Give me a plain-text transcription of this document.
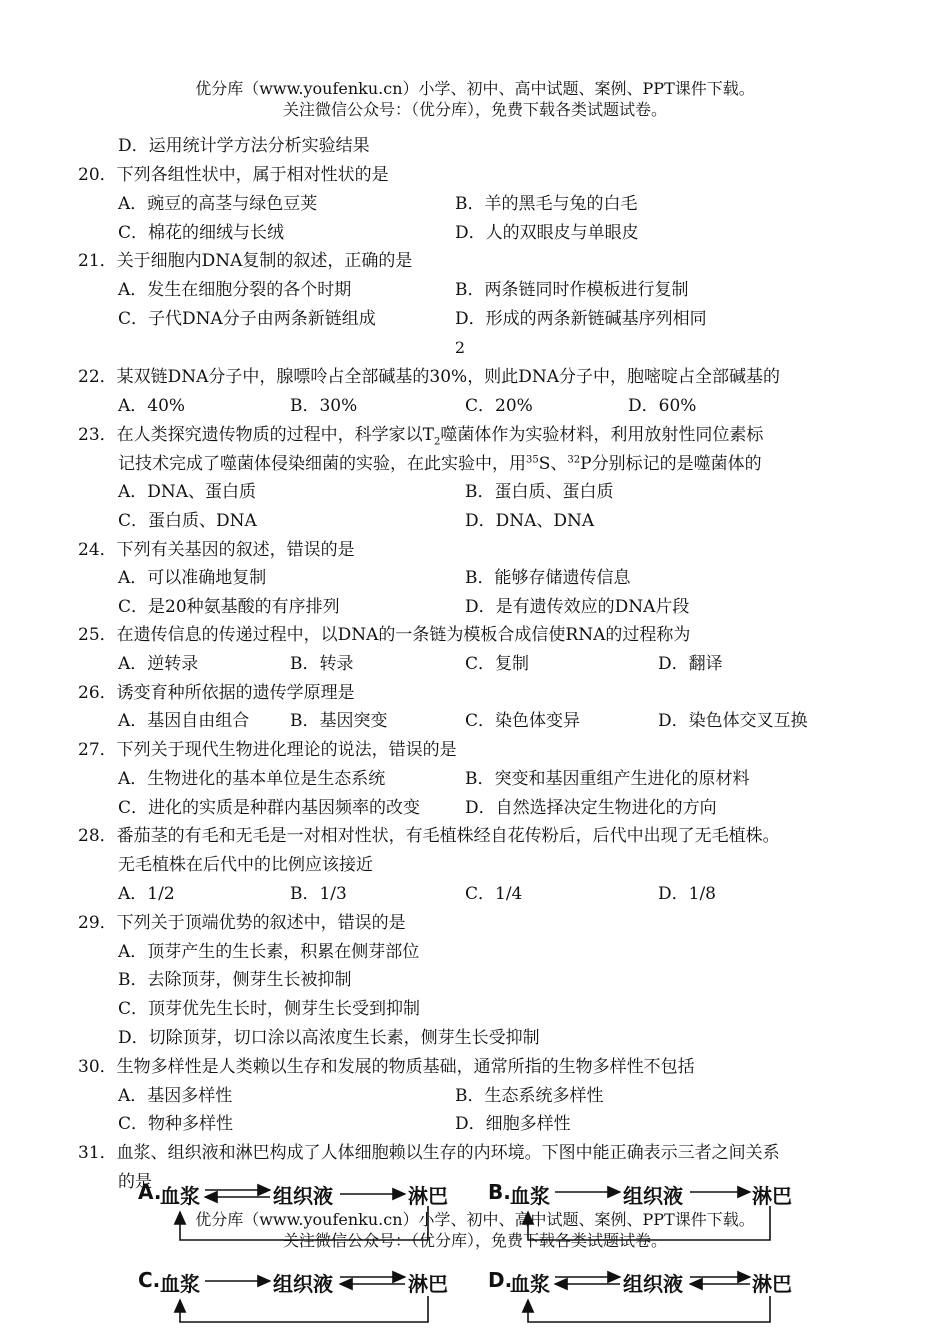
优分库（www.youfenku.cn）小学、初中、高中试题、案例、PPT课件下载。
关注微信公众号：（优分库），免费下载各类试题试卷。
D．运用统计学方法分析实验结果
20．下列各组性状中，属于相对性状的是
A．豌豆的高茎与绿色豆荚	B．羊的黑毛与兔的白毛
C．棉花的细绒与长绒	D．人的双眼皮与单眼皮
21．关于细胞内DNA复制的叙述，正确的是
A．发生在细胞分裂的各个时期	B．两条链同时作模板进行复制
C．子代DNA分子由两条新链组成	D．形成的两条新链碱基序列相同
2
22．某双链DNA分子中，腺嘌呤占全部碱基的30%，则此DNA分子中，胞嘧啶占全部碱基的
A．40%	B．30%	C．20%	D．60%
23．在人类探究遗传物质的过程中，科学家以$T_2$噬菌体作为实验材料，利用放射性同位素标
记技术完成了噬菌体侵染细菌的实验，在此实验中，用$^{35}$S、$^{32}$P分别标记的是噬菌体的
A．DNA、蛋白质	B．蛋白质、蛋白质
C．蛋白质、DNA	D．DNA、DNA
24．下列有关基因的叙述，错误的是
A．可以准确地复制	B．能够存储遗传信息
C．是20种氨基酸的有序排列	D．是有遗传效应的DNA片段
25．在遗传信息的传递过程中，以DNA的一条链为模板合成信使RNA的过程称为
A．逆转录	B．转录	C．复制	D．翻译
26．诱变育种所依据的遗传学原理是
A．基因自由组合 B．基因突变	C．染色体变异	D．染色体交叉互换
27．下列关于现代生物进化理论的说法，错误的是
A．生物进化的基本单位是生态系统	B．突变和基因重组产生进化的原材料
C．进化的实质是种群内基因频率的改变	D．自然选择决定生物进化的方向
28．番茄茎的有毛和无毛是一对相对性状，有毛植株经自花传粉后，后代中出现了无毛植株。
无毛植株在后代中的比例应该接近
A．1/2	B．1/3	C．1/4	D．1/8
29．下列关于顶端优势的叙述中，错误的是
A．顶芽产生的生长素，积累在侧芽部位
B．去除顶芽，侧芽生长被抑制
C．顶芽优先生长时，侧芽生长受到抑制
D．切除顶芽，切口涂以高浓度生长素，侧芽生长受抑制
30．生物多样性是人类赖以生存和发展的物质基础，通常所指的生物多样性不包括
A．基因多样性	B．生态系统多样性
C．物种多样性	D．细胞多样性
31．血浆、组织液和淋巴构成了人体细胞赖以生存的内环境。下图中能正确表示三者之间关系
的是
A.
血浆	组织液	淋巴 B. 血浆	组织液	淋巴
优分库（www.youfenku.cn）小学、初中、高中试题、案例、PPT课件下载。
关注微信公众号：（优分库），免费下载各类试题试卷。
C. 血浆	组织液	淋巴 D.
血浆	组织液	淋巴
